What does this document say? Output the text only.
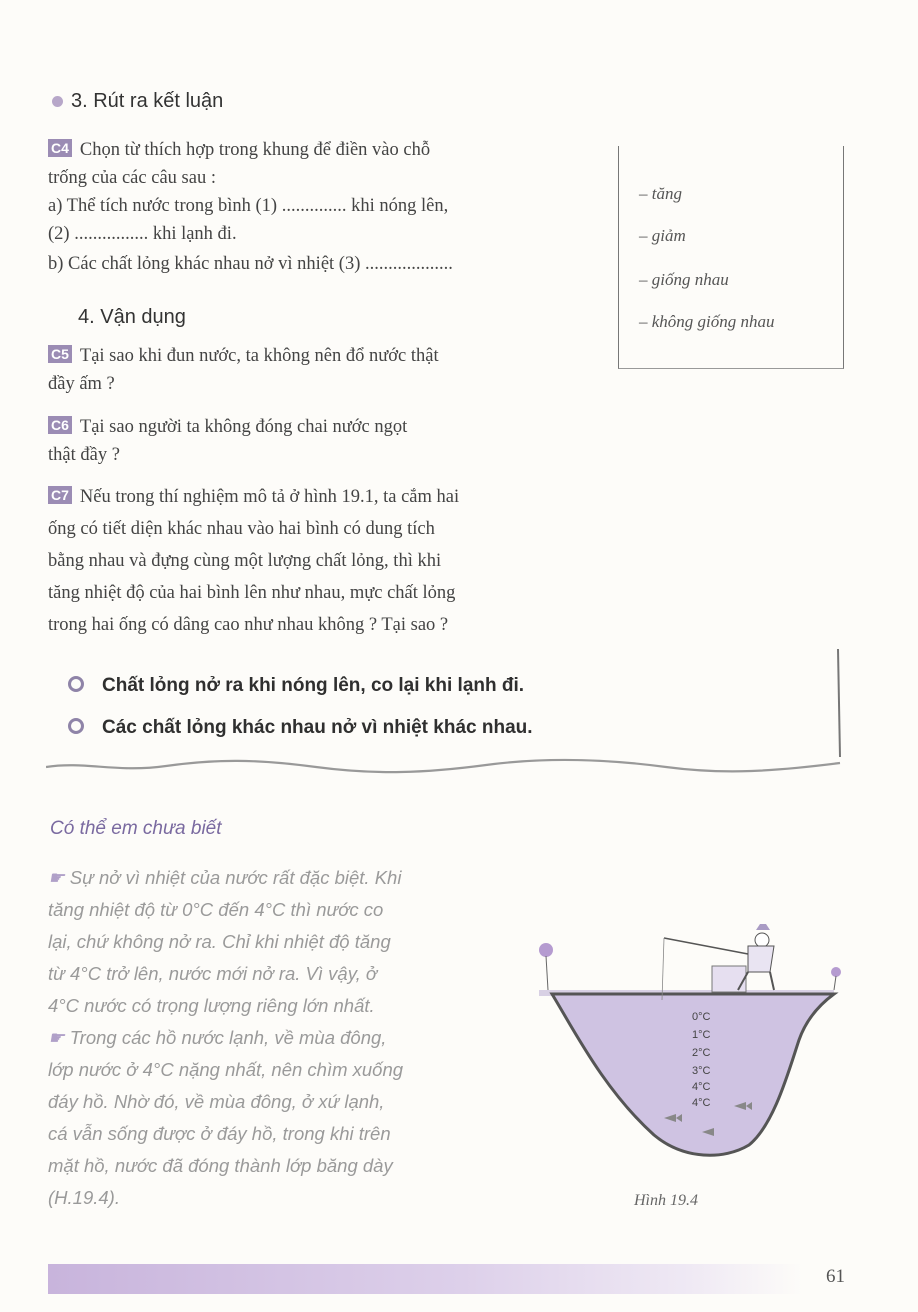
3. Rút ra kết luận
C4 Chọn từ thích hợp trong khung để điền vào chỗ
trống của các câu sau :
a) Thể tích nước trong bình (1) .............. khi nóng lên,
(2) ................ khi lạnh đi.
b) Các chất lỏng khác nhau nở vì nhiệt (3) ...................
– tăng
– giảm
– giống nhau
– không giống nhau
4. Vận dụng
C5 Tại sao khi đun nước, ta không nên đổ nước thật
đầy ấm ?
C6 Tại sao người ta không đóng chai nước ngọt
thật đầy ?
C7 Nếu trong thí nghiệm mô tả ở hình 19.1, ta cắm hai
ống có tiết diện khác nhau vào hai bình có dung tích
bằng nhau và đựng cùng một lượng chất lỏng, thì khi
tăng nhiệt độ của hai bình lên như nhau, mực chất lỏng
trong hai ống có dâng cao như nhau không ? Tại sao ?
Chất lỏng nở ra khi nóng lên, co lại khi lạnh đi.
Các chất lỏng khác nhau nở vì nhiệt khác nhau.
Có thể em chưa biết
☛ Sự nở vì nhiệt của nước rất đặc biệt. Khi
tăng nhiệt độ từ 0°C đến 4°C thì nước co
lại, chứ không nở ra. Chỉ khi nhiệt độ tăng
từ 4°C trở lên, nước mới nở ra. Vì vậy, ở
4°C nước có trọng lượng riêng lớn nhất.
☛ Trong các hồ nước lạnh, về mùa đông,
lớp nước ở 4°C nặng nhất, nên chìm xuống
đáy hồ. Nhờ đó, về mùa đông, ở xứ lạnh,
cá vẫn sống được ở đáy hồ, trong khi trên
mặt hồ, nước đã đóng thành lớp băng dày
(H.19.4).
0°C
1°C
2°C
3°C
4°C
4°C
Hình 19.4
61
